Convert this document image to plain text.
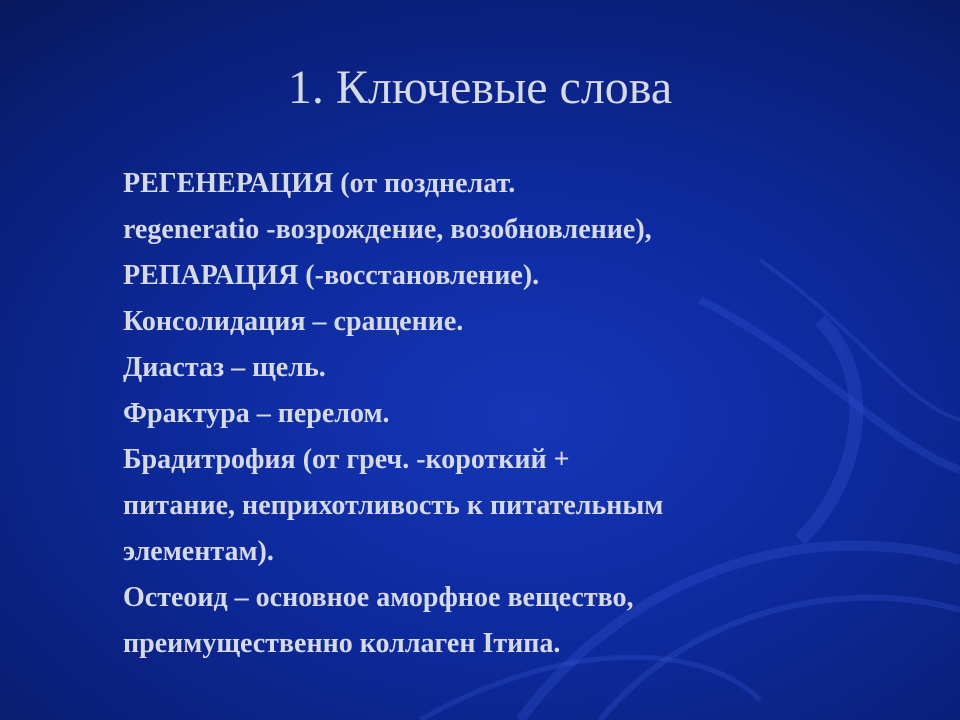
1. Ключевые слова
РЕГЕНЕРАЦИЯ (от позднелат.
regeneratio -возрождение, возобновление),
РЕПАРАЦИЯ (-восстановление).
Консолидация – сращение.
Диастаз – щель.
Фрактура – перелом.
Брадитрофия (от греч. -короткий +
питание, неприхотливость к питательным
элементам).
Остеоид – основное аморфное вещество,
преимущественно коллаген Iтипа.
